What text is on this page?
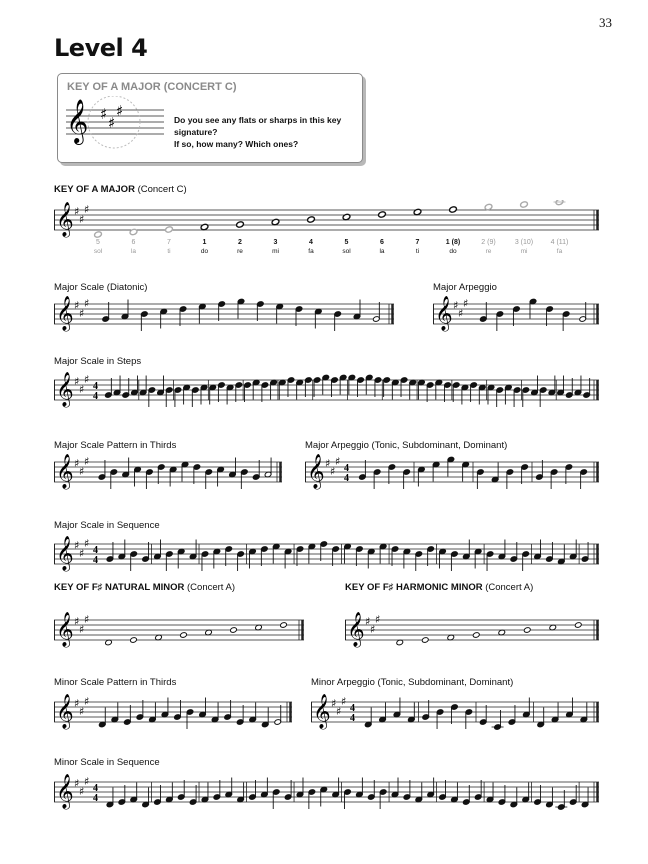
33
Level 4

KEY OF A MAJOR (CONCERT C)

𝄞 ♯ ♯
♯	Do you see any flats or sharps in this key signature?
If so, how many? Which ones?
KEY OF A MAJOR (Concert C)
𝄞 ♯
♯
♯
5
sol
6
la
7
ti
1
do
2
re
3
mi
4
fa
5
sol
6
la
7
ti
1 (8)
do
2 (9)
re
3 (10)
mi
4 (11)
fa
Major Scale (Diatonic)
𝄞 ♯
♯
♯
Major Arpeggio
𝄞 ♯
♯
♯
Major Scale in Steps
𝄞 ♯
♯
♯
4
4
Major Scale Pattern in Thirds
𝄞 ♯
♯
♯
Major Arpeggio (Tonic, Subdominant, Dominant)
𝄞 ♯
♯
♯
4
4
Major Scale in Sequence
𝄞 ♯
♯
♯
4
4
KEY OF F♯ NATURAL MINOR (Concert A)
𝄞 ♯
♯
♯
KEY OF F♯ HARMONIC MINOR (Concert A)
𝄞 ♯
♯
♯
Minor Scale Pattern in Thirds
𝄞 ♯
♯
♯
Minor Arpeggio (Tonic, Subdominant, Dominant)
𝄞 ♯
♯
♯
4
4
Minor Scale in Sequence
𝄞 ♯
♯
♯
4
4
